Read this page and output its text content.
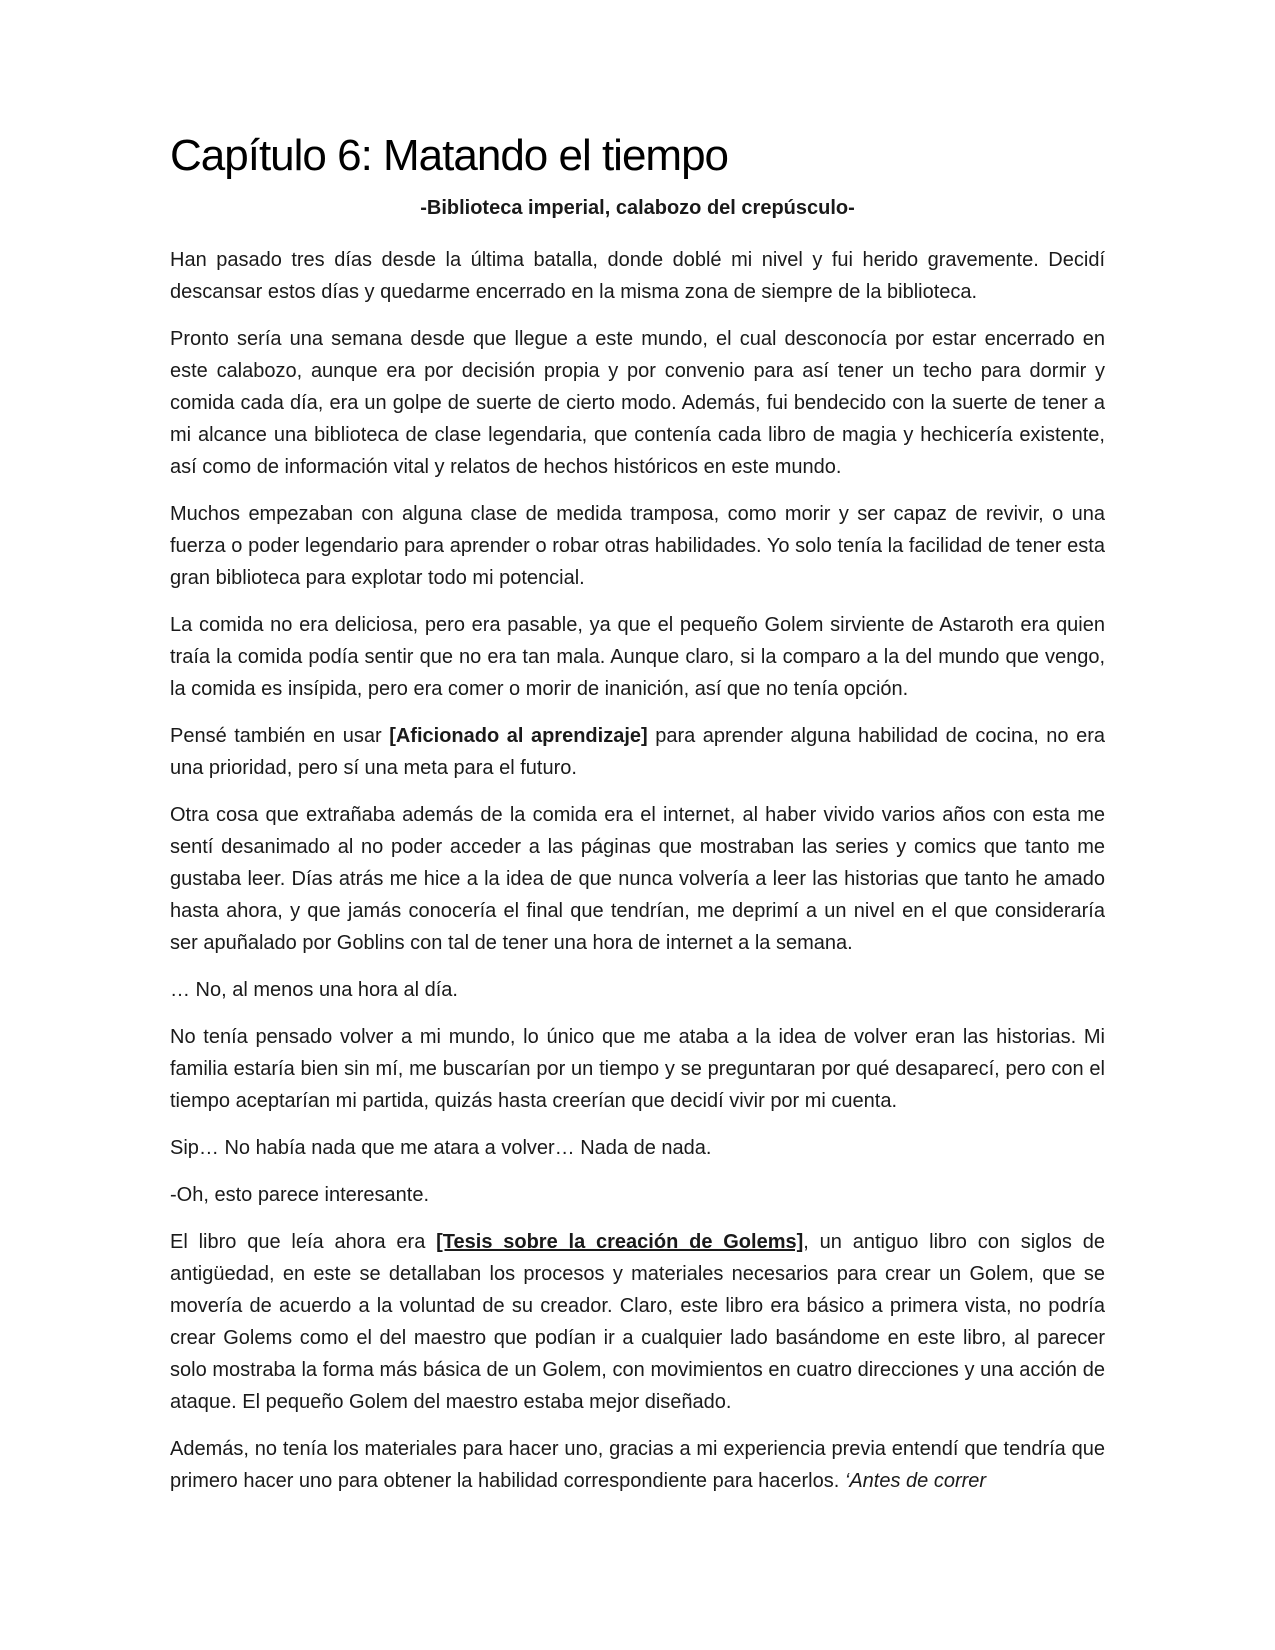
Capítulo 6: Matando el tiempo
-Biblioteca imperial, calabozo del crepúsculo-

Han pasado tres días desde la última batalla, donde doblé mi nivel y fui herido gravemente. Decidí descansar estos días y quedarme encerrado en la misma zona de siempre de la biblioteca.

Pronto sería una semana desde que llegue a este mundo, el cual desconocía por estar encerrado en este calabozo, aunque era por decisión propia y por convenio para así tener un techo para dormir y comida cada día, era un golpe de suerte de cierto modo. Además, fui bendecido con la suerte de tener a mi alcance una biblioteca de clase legendaria, que contenía cada libro de magia y hechicería existente, así como de información vital y relatos de hechos históricos en este mundo.

Muchos empezaban con alguna clase de medida tramposa, como morir y ser capaz de revivir, o una fuerza o poder legendario para aprender o robar otras habilidades. Yo solo tenía la facilidad de tener esta gran biblioteca para explotar todo mi potencial.

La comida no era deliciosa, pero era pasable, ya que el pequeño Golem sirviente de Astaroth era quien traía la comida podía sentir que no era tan mala. Aunque claro, si la comparo a la del mundo que vengo, la comida es insípida, pero era comer o morir de inanición, así que no tenía opción.

Pensé también en usar [Aficionado al aprendizaje] para aprender alguna habilidad de cocina, no era una prioridad, pero sí una meta para el futuro.

Otra cosa que extrañaba además de la comida era el internet, al haber vivido varios años con esta me sentí desanimado al no poder acceder a las páginas que mostraban las series y comics que tanto me gustaba leer. Días atrás me hice a la idea de que nunca volvería a leer las historias que tanto he amado hasta ahora, y que jamás conocería el final que tendrían, me deprimí a un nivel en el que consideraría ser apuñalado por Goblins con tal de tener una hora de internet a la semana.

… No, al menos una hora al día.

No tenía pensado volver a mi mundo, lo único que me ataba a la idea de volver eran las historias. Mi familia estaría bien sin mí, me buscarían por un tiempo y se preguntaran por qué desaparecí, pero con el tiempo aceptarían mi partida, quizás hasta creerían que decidí vivir por mi cuenta.

Sip… No había nada que me atara a volver… Nada de nada.

-Oh, esto parece interesante.

El libro que leía ahora era [Tesis sobre la creación de Golems], un antiguo libro con siglos de antigüedad, en este se detallaban los procesos y materiales necesarios para crear un Golem, que se movería de acuerdo a la voluntad de su creador. Claro, este libro era básico a primera vista, no podría crear Golems como el del maestro que podían ir a cualquier lado basándome en este libro, al parecer solo mostraba la forma más básica de un Golem, con movimientos en cuatro direcciones y una acción de ataque. El pequeño Golem del maestro estaba mejor diseñado.

Además, no tenía los materiales para hacer uno, gracias a mi experiencia previa entendí que tendría que primero hacer uno para obtener la habilidad correspondiente para hacerlos. ‘Antes de correr
